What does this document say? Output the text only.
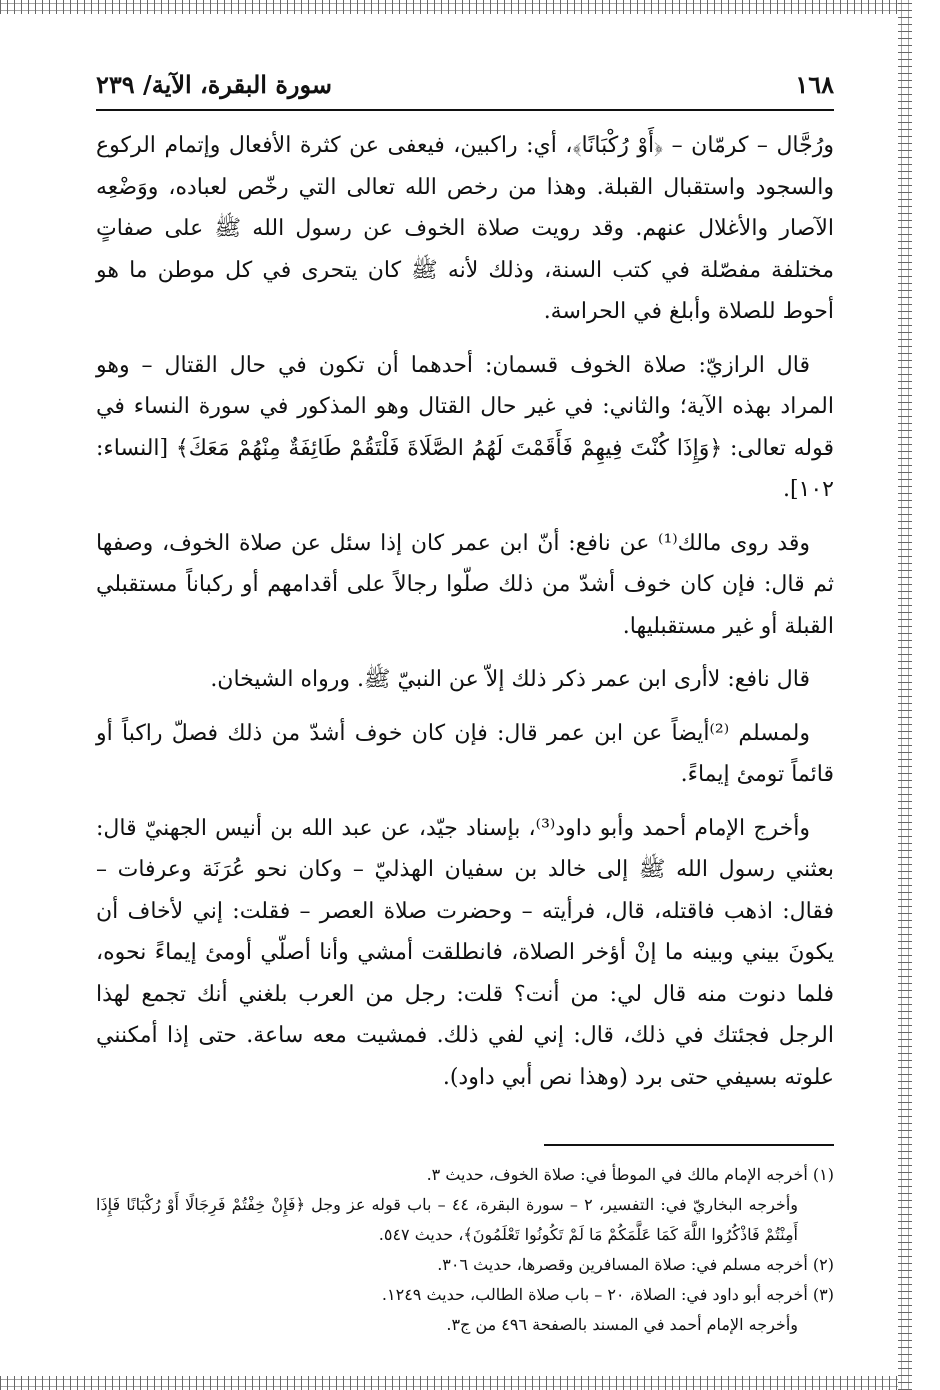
١٦٨
سورة البقرة، الآية/ ٢٣٩

ورُجَّال – كرمّان – ﴿أَوْ رُكْبَانًا﴾، أي: راكبين، فيعفى عن كثرة الأفعال وإتمام الركوع والسجود واستقبال القبلة. وهذا من رخص الله تعالى التي رخّص لعباده، ووَضْعِه الآصار والأغلال عنهم. وقد رويت صلاة الخوف عن رسول الله ﷺ على صفاتٍ مختلفة مفصّلة في كتب السنة، وذلك لأنه ﷺ كان يتحرى في كل موطن ما هو أحوط للصلاة وأبلغ في الحراسة.

قال الرازيّ: صلاة الخوف قسمان: أحدهما أن تكون في حال القتال – وهو المراد بهذه الآية؛ والثاني: في غير حال القتال وهو المذكور في سورة النساء في قوله تعالى: ﴿وَإِذَا كُنْتَ فِيهِمْ فَأَقَمْتَ لَهُمُ الصَّلَاةَ فَلْتَقُمْ طَائِفَةٌ مِنْهُمْ مَعَكَ﴾ [النساء: ١٠٢].

وقد روى مالك⁽¹⁾ عن نافع: أنّ ابن عمر كان إذا سئل عن صلاة الخوف، وصفها ثم قال: فإن كان خوف أشدّ من ذلك صلّوا رجالاً على أقدامهم أو ركباناً مستقبلي القبلة أو غير مستقبليها.

قال نافع: لاأرى ابن عمر ذكر ذلك إلاّ عن النبيّ ﷺ. ورواه الشيخان.

ولمسلم ⁽²⁾أيضاً عن ابن عمر قال: فإن كان خوف أشدّ من ذلك فصلّ راكباً أو قائماً تومئ إيماءً.

وأخرج الإمام أحمد وأبو داود⁽³⁾، بإسناد جيّد، عن عبد الله بن أنيس الجهنيّ قال: بعثني رسول الله ﷺ إلى خالد بن سفيان الهذليّ – وكان نحو عُرَنَة وعرفات – فقال: اذهب فاقتله، قال، فرأيته – وحضرت صلاة العصر – فقلت: إني لأخاف أن يكونَ بيني وبينه ما إنْ أؤخر الصلاة، فانطلقت أمشي وأنا أصلّي أومئ إيماءً نحوه، فلما دنوت منه قال لي: من أنت؟ قلت: رجل من العرب بلغني أنك تجمع لهذا الرجل فجئتك في ذلك، قال: إني لفي ذلك. فمشيت معه ساعة. حتى إذا أمكنني علوته بسيفي حتى برد (وهذا نص أبي داود).

(١) أخرجه الإمام مالك في الموطأ في: صلاة الخوف، حديث ٣.

وأخرجه البخاريّ في: التفسير، ٢ – سورة البقرة، ٤٤ – باب قوله عز وجل ﴿فَإِنْ خِفْتُمْ فَرِجَالًا أَوْ رُكْبَانًا فَإِذَا أَمِنْتُمْ فَاذْكُرُوا اللَّهَ كَمَا عَلَّمَكُمْ مَا لَمْ تَكُونُوا تَعْلَمُونَ﴾، حديث ٥٤٧.

(٢) أخرجه مسلم في: صلاة المسافرين وقصرها، حديث ٣٠٦.

(٣) أخرجه أبو داود في: الصلاة، ٢٠ – باب صلاة الطالب، حديث ١٢٤٩.

وأخرجه الإمام أحمد في المسند بالصفحة ٤٩٦ من ج٣.
